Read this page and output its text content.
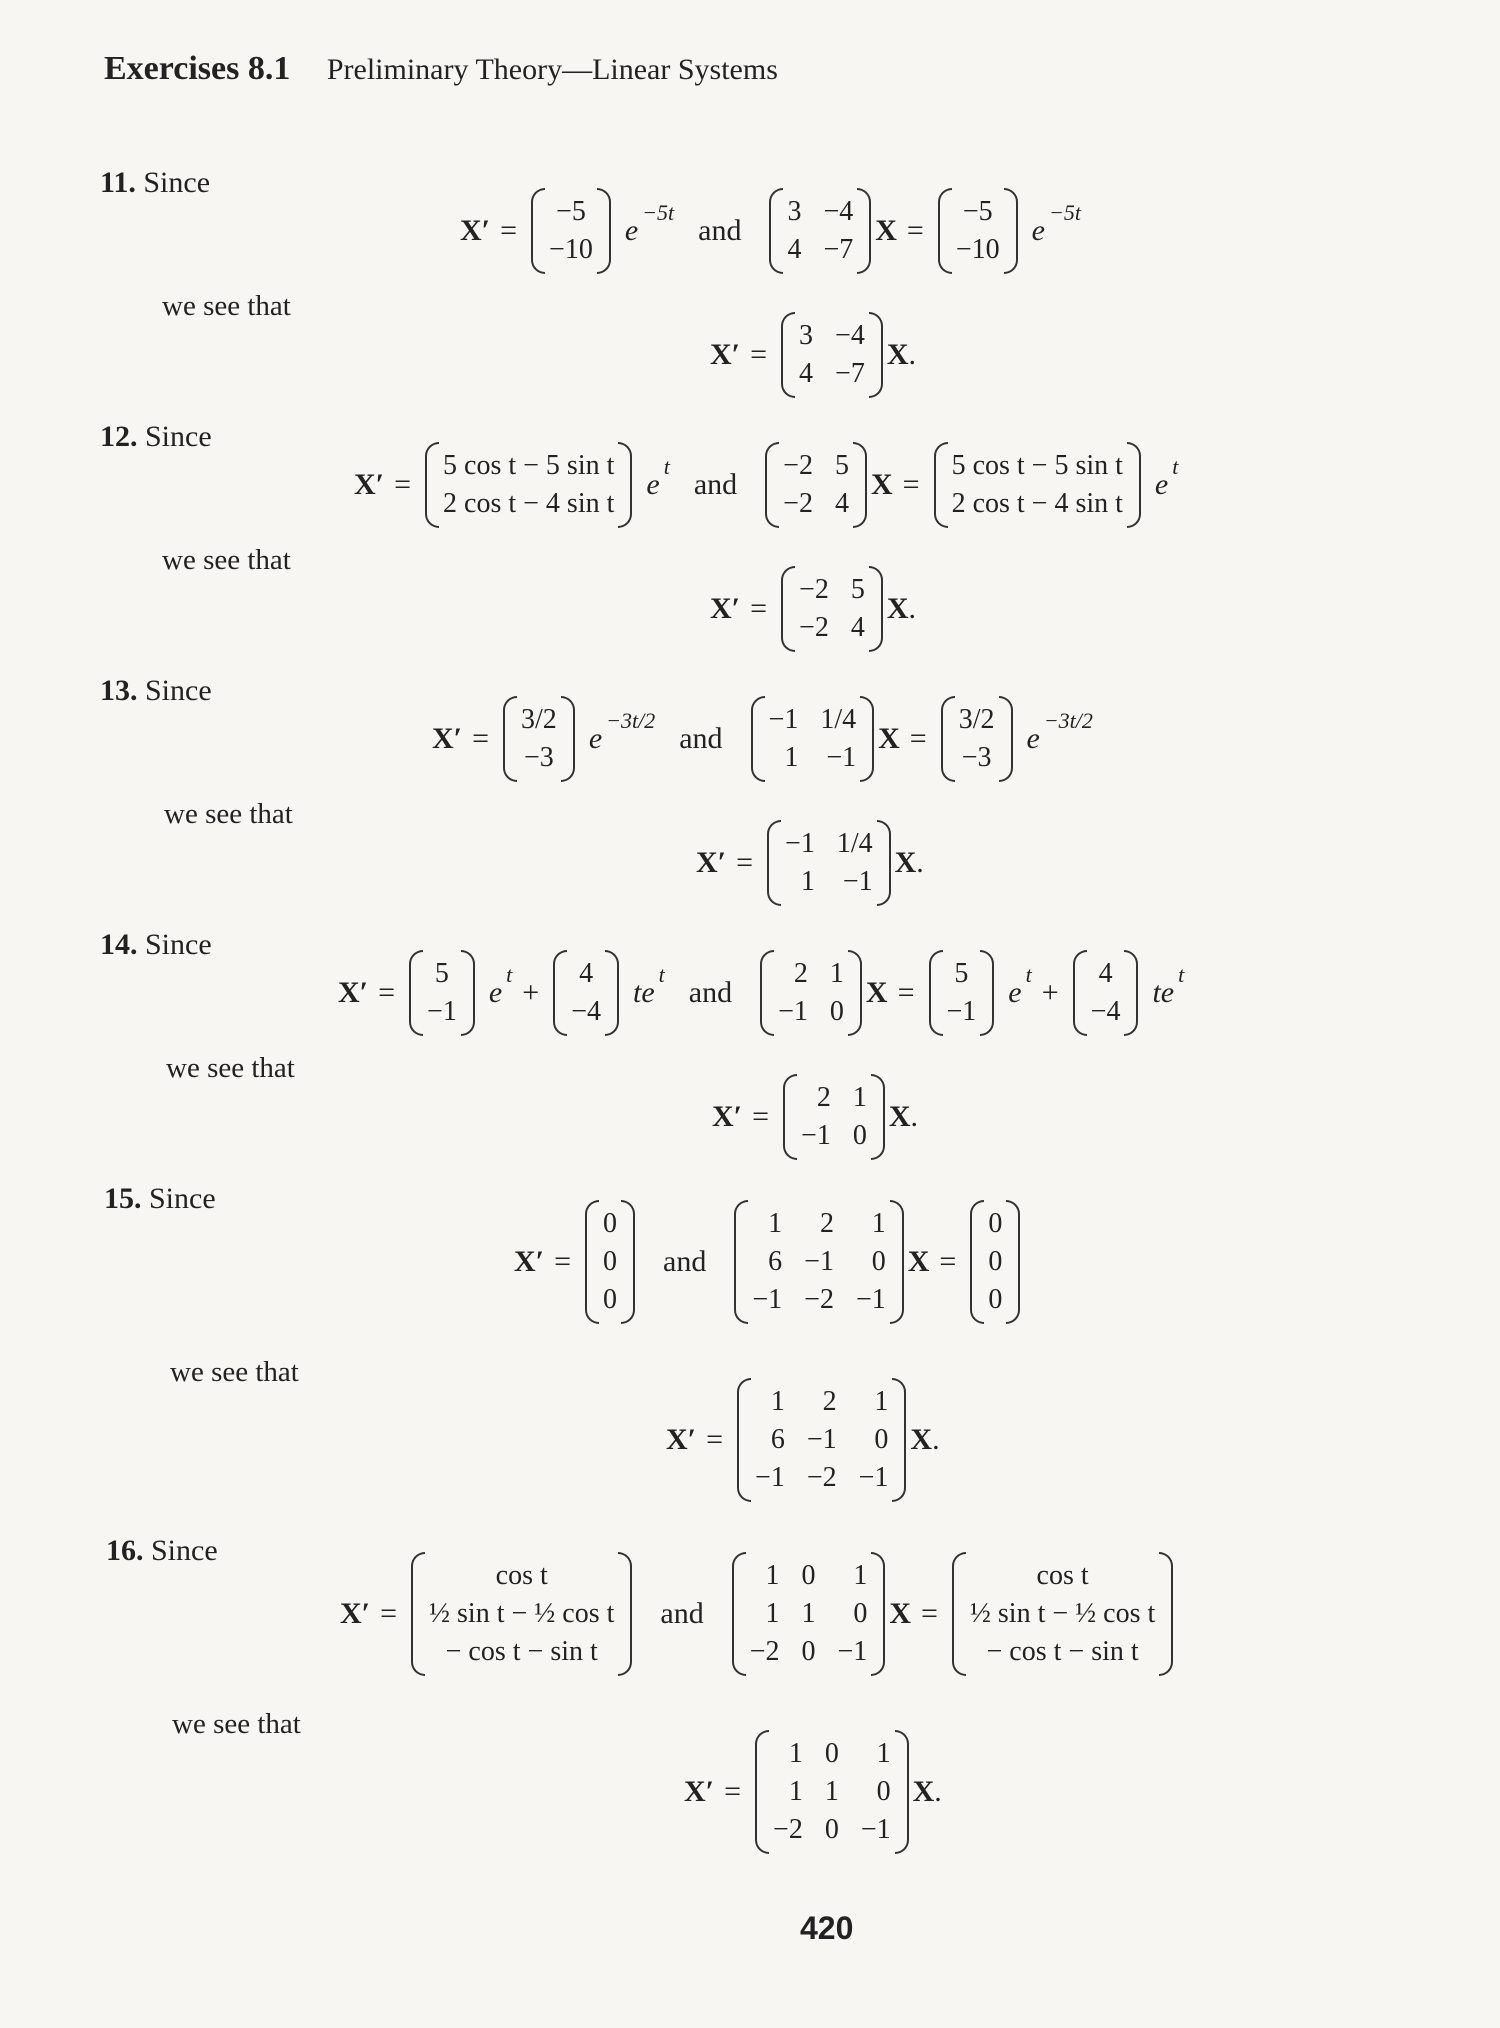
Exercises 8.1 Preliminary Theory—Linear Systems
11. Since
X′ =
−5
−10
e
−5t
and
3 −4
4 −7
X =
−5
−10
e
−5t
we see that
X′ =
3 −4
4 −7
X .
12. Since
X′ =
5 cos t − 5 sin t
2 cos t − 4 sin t
e
t
and
−2 5
−2 4
X =
5 cos t − 5 sin t
2 cos t − 4 sin t
e
t
we see that
X′ =
−2 5
−2 4
X .
13. Since
X′ =
3/2
−3
e
−3t/2
and
−1 1/4
1 −1
X =
3/2
−3
e
−3t/2
we see that
X′ =
−1 1/4
1 −1
X .
14. Since
X′ =
5
−1
e
t
+
4
−4
te
t
and
2 1
−1 0
X =
5
−1
e
t
+
4
−4
te
t
we see that
X′ =
2 1
−1 0
X .
15. Since
X′ =
0
0
0
and
1	2	1
6 −1	0
−1 −2 −1
X =
0
0
0
we see that
X′ =
1	2	1
6 −1	0
−1 −2 −1
X .
16. Since
X′ =
cos t
½ sin t − ½ cos t
− cos t − sin t
and
1 0	1
1 1	0
−2 0 −1
X =
cos t
½ sin t − ½ cos t
− cos t − sin t
we see that
X′ =
1 0	1
1 1	0
−2 0 −1
X .
420
